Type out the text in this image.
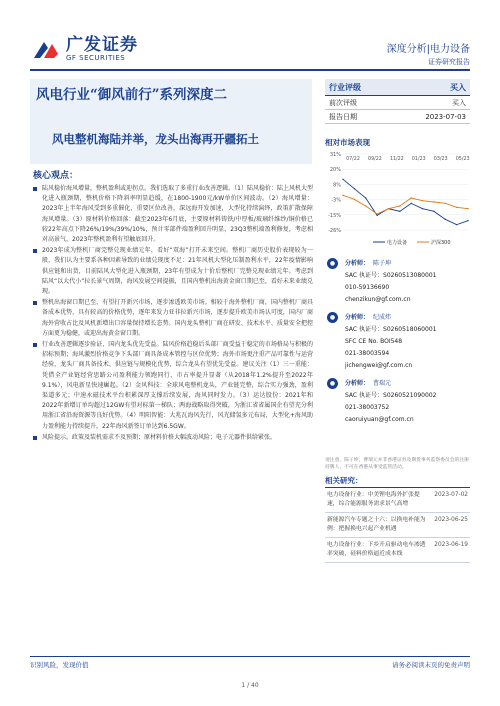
广发证券
GF SECURITIES
深度分析|电力设备
证券研究报告
风电行业“御风前行”系列深度二
风电整机海陆并举，龙头出海再开疆拓土
行业评级	买入
前次评级	买入
报告日期	2023-07-03
核心观点：
陆风稳价海风增量，整机盈利或迎拐点。我们选取了多重行业改善逻辑。（1）陆风稳价：陆上风机大型化进入瓶颈期，整机价格下降斜率明显趋缓，在1800-1900元/kW单价区间波动。（2）海风增量：2023年上半年海风受到多重催化，重要区位改善，深远海开发加速，大型化持续演绎，政策扩散保障海风增量。（3）原材料价格回落：截至2023年6月底，主要原材料铸铁/中厚板/玻璃纤维纱/铜价格已较22年高点下降26%/19%/39%/10%，预计零部件端盈利回升明显，23Q3整机端盈利修复，考虑相对高景气，2023年整机盈利有望触底回升。
2023年成为整机厂商完整兑现业绩元年，看好“双海”打开未来空间。整机厂商历史股价表现较为一般，我们认为主要系各种因素导致的业绩兑现度不足：21年风机大型化压制盈利水平，22年疫情影响供应链和出货，目前陆风大型化进入瓶颈期，23年有望成为十价后整机厂完整兑现业绩元年。考虑到陆风“以大代小”拉长景气周期，海风发展空间提振，且国内整机出海黄金窗口期已至，看好未来业绩兑现。
整机出海窗口期已至，有望打开新兴市场，逐步渗透欧美市场。相较于海外整机厂商，国内整机厂商具备成本优势，具有较高的价格优势，逐年来发力亚非拉新兴市场，逐步提升欧美市场认可度，国内厂商海外营收占比及风机新增出口容量保持增长态势。国内龙头整机厂商在研发、技术水平、质量安全把控方面更为稳健，或迎出海黄金窗口期。
行业改善逻辑逐步验证，国内龙头优先受益。陆风价格趋稳后头部厂商受益于稳定的市场格局与积极的招标预期；海风激烈价格竞争下头部厂商具备成本管控与区位优势；海外市场更注重产品可靠性与运营经验，龙头厂商具备技术、供应链与规模化优势，综合龙头有望优先受益。建议关注（1）三一重能：凭借全产业链经营思路公司盈利能力领跑同行，市占率提升显著（从2018年1.2%提升至2022年9.1%），风电新星快速崛起。（2）金风科技：全球风电整机龙头，产业链完整，综合实力强劲，盈利渠道多元；中速永磁技术平台积累深厚支撑后续发展，海风同时发力。（3）运达股份：2021年和2022年新增订单均超过12GW有望对标第一梯队；两海战略取得突破，为浙江省省属国企有望充分利用浙江省沿海资源等良好优势。（4）明阳智能：大兆瓦海风先行，风光储氢多元布局，大型化+海风助力盈利能力持续提升，22年海风新签订单达到6.5GW。
风险提示。政策及装机需求不及预期；原材料价格大幅波动风险；电子元器件供给紧张。
相对市场表现
31%
20%
8%
-3%
-15%
-26%
07/22 09/22 11/22 01/23 03/23 05/23
电力设备	沪深300
●	分析师： 陈子坤
SAC 执证号：S0260513080001
010-59136690
chenzikun@gf.com.cn
●	分析师： 纪成炜
SAC 执证号：S0260518060001
SFC CE No. BOI548
021-38003594
jichengwei@gf.com.cn
●	分析师： 曹瑞元
SAC 执证号：S0260521090002
021-38003752
caoruiyuan@gf.com.cn
请注意，陈子坤，曹瑞元并非香港证券及期货事务监察委员会的注册持牌人，不可在香港从事受监管活动。
相关研究：
电力设备行业：中美锂电海外扩张提速，综合能源服务需求景气高增
2023-07-02
新能源汽车专题之十六：以换电补能为例：把握换电兴起产业机遇
2023-06-25
电力设备行业：下乡开启驱动电车渗透率突破，硅料价格逼近成本线
2023-06-19
识别风险，发现价值	请务必阅读末页的免责声明
1 / 40
